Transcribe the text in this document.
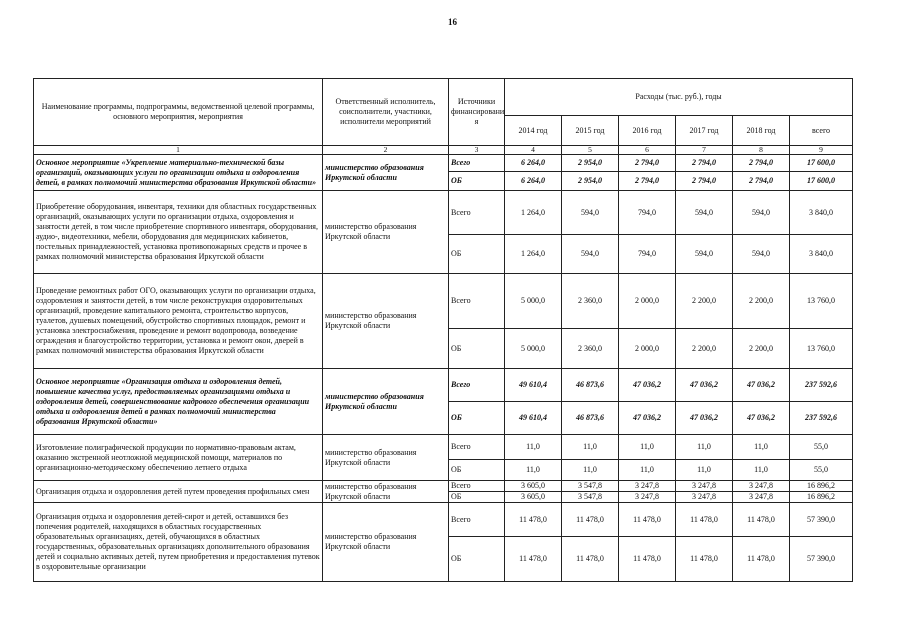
16
Наименование программы, подпрограммы, ведомственной целевой программы, основного мероприятия, мероприятия	Ответственный исполнитель, соисполнители, участники, исполнители мероприятий	Источники финансировани я	Расходы (тыс. руб.), годы					
			2014 год	2015 год	2016 год	2017 год	2018 год	всего
1	2	3	4	5	6	7	8	9
Основное мероприятие «Укрепление материально-технической базы организаций, оказывающих услуги по организации отдыха и оздоровления детей, в рамках полномочий министерства образования Иркутской области»	министерство образования Иркутской области	Всего	6 264,0	2 954,0	2 794,0	2 794,0	2 794,0	17 600,0
		ОБ	6 264,0	2 954,0	2 794,0	2 794,0	2 794,0	17 600,0
Приобретение оборудования, инвентаря, техники для областных государственных организаций, оказывающих услуги по организации отдыха, оздоровления и занятости детей, в том числе приобретение спортивного инвентаря, оборудования, аудио-, видеотехники, мебели, оборудования для медицинских кабинетов, постельных принадлежностей, установка противопожарных средств и прочее в рамках полномочий министерства образования Иркутской области	министерство образования Иркутской области	Всего	1 264,0	594,0	794,0	594,0	594,0	3 840,0
		ОБ	1 264,0	594,0	794,0	594,0	594,0	3 840,0
Проведение ремонтных работ ОГО, оказывающих услуги по организации отдыха, оздоровления и занятости детей, в том числе реконструкция оздоровительных организаций, проведение капитального ремонта, строительство корпусов, туалетов, душевых помещений, обустройство спортивных площадок, ремонт и установка электроснабжения, проведение и ремонт водопровода, возведение ограждения и благоустройство территории, установка и ремонт окон, дверей в рамках полномочий министерства образования Иркутской области	министерство образования Иркутской области	Всего	5 000,0	2 360,0	2 000,0	2 200,0	2 200,0	13 760,0
		ОБ	5 000,0	2 360,0	2 000,0	2 200,0	2 200,0	13 760,0
Основное мероприятие «Организация отдыха и оздоровления детей, повышение качества услуг, предоставляемых организациями отдыха и оздоровления детей, совершенствование кадрового обеспечения организации отдыха и оздоровления детей в рамках полномочий министерства образования Иркутской области»	министерство образования Иркутской области	Всего	49 610,4	46 873,6	47 036,2	47 036,2	47 036,2	237 592,6
		ОБ	49 610,4	46 873,6	47 036,2	47 036,2	47 036,2	237 592,6
Изготовление полиграфической продукции по нормативно-правовым актам, оказанию экстренной неотложной медицинской помощи, материалов по организационно-методическому обеспечению летнего отдыха	министерство образования Иркутской области	Всего	11,0	11,0	11,0	11,0	11,0	55,0
		ОБ	11,0	11,0	11,0	11,0	11,0	55,0
Организация отдыха и оздоровления детей путем проведения профильных смен	министерство образования Иркутской области	Всего	3 605,0	3 547,8	3 247,8	3 247,8	3 247,8	16 896,2
		ОБ	3 605,0	3 547,8	3 247,8	3 247,8	3 247,8	16 896,2
Организация отдыха и оздоровления детей-сирот и детей, оставшихся без попечения родителей, находящихся в областных государственных образовательных организациях, детей, обучающихся в областных государственных, образовательных организациях дополнительного образования детей и социально активных детей, путем приобретения и предоставления путевок в оздоровительные организации	министерство образования Иркутской области	Всего	11 478,0	11 478,0	11 478,0	11 478,0	11 478,0	57 390,0
		ОБ	11 478,0	11 478,0	11 478,0	11 478,0	11 478,0	57 390,0
